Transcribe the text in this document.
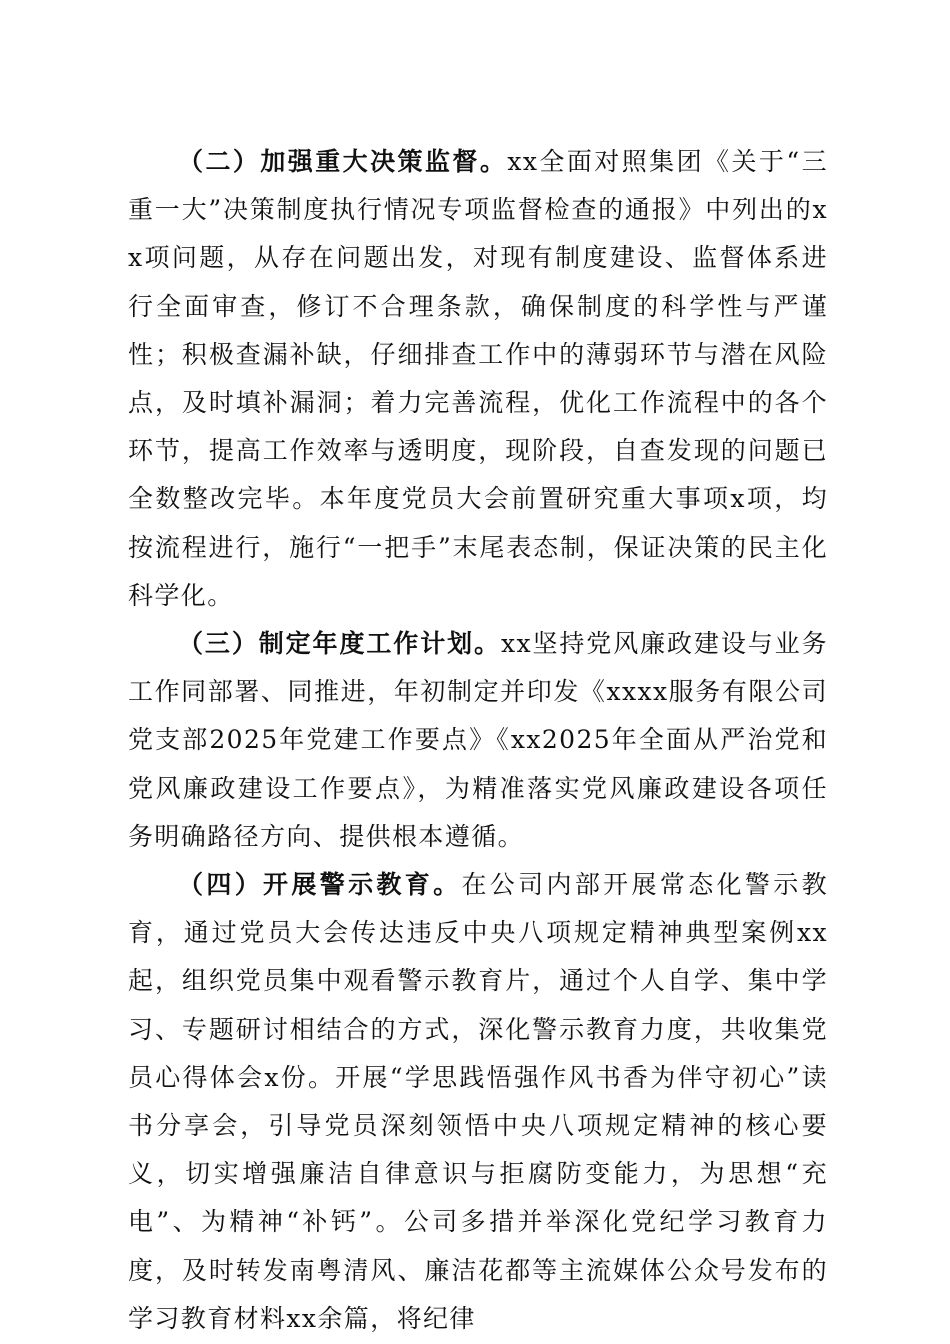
（二）加强重大决策监督。xx全面对照集团《关于“三重一大”决策制度执行情况专项监督检查的通报》中列出的xx项问题，从存在问题出发，对现有制度建设、监督体系进行全面审查，修订不合理条款，确保制度的科学性与严谨性；积极查漏补缺，仔细排查工作中的薄弱环节与潜在风险点，及时填补漏洞；着力完善流程，优化工作流程中的各个环节，提高工作效率与透明度，现阶段，自查发现的问题已全数整改完毕。本年度党员大会前置研究重大事项x项，均按流程进行，施行“一把手”末尾表态制，保证决策的民主化科学化。

（三）制定年度工作计划。xx坚持党风廉政建设与业务工作同部署、同推进，年初制定并印发《xxxx服务有限公司党支部2025年党建工作要点》《xx2025年全面从严治党和党风廉政建设工作要点》，为精准落实党风廉政建设各项任务明确路径方向、提供根本遵循。

（四）开展警示教育。在公司内部开展常态化警示教育，通过党员大会传达违反中央八项规定精神典型案例xx起，组织党员集中观看警示教育片，通过个人自学、集中学习、专题研讨相结合的方式，深化警示教育力度，共收集党员心得体会x份。开展“学思践悟强作风书香为伴守初心”读书分享会，引导党员深刻领悟中央八项规定精神的核心要义，切实增强廉洁自律意识与拒腐防变能力，为思想“充电”、为精神“补钙”。公司多措并举深化党纪学习教育力度，及时转发南粤清风、廉洁花都等主流媒体公众号发布的学习教育材料xx余篇，将纪律
